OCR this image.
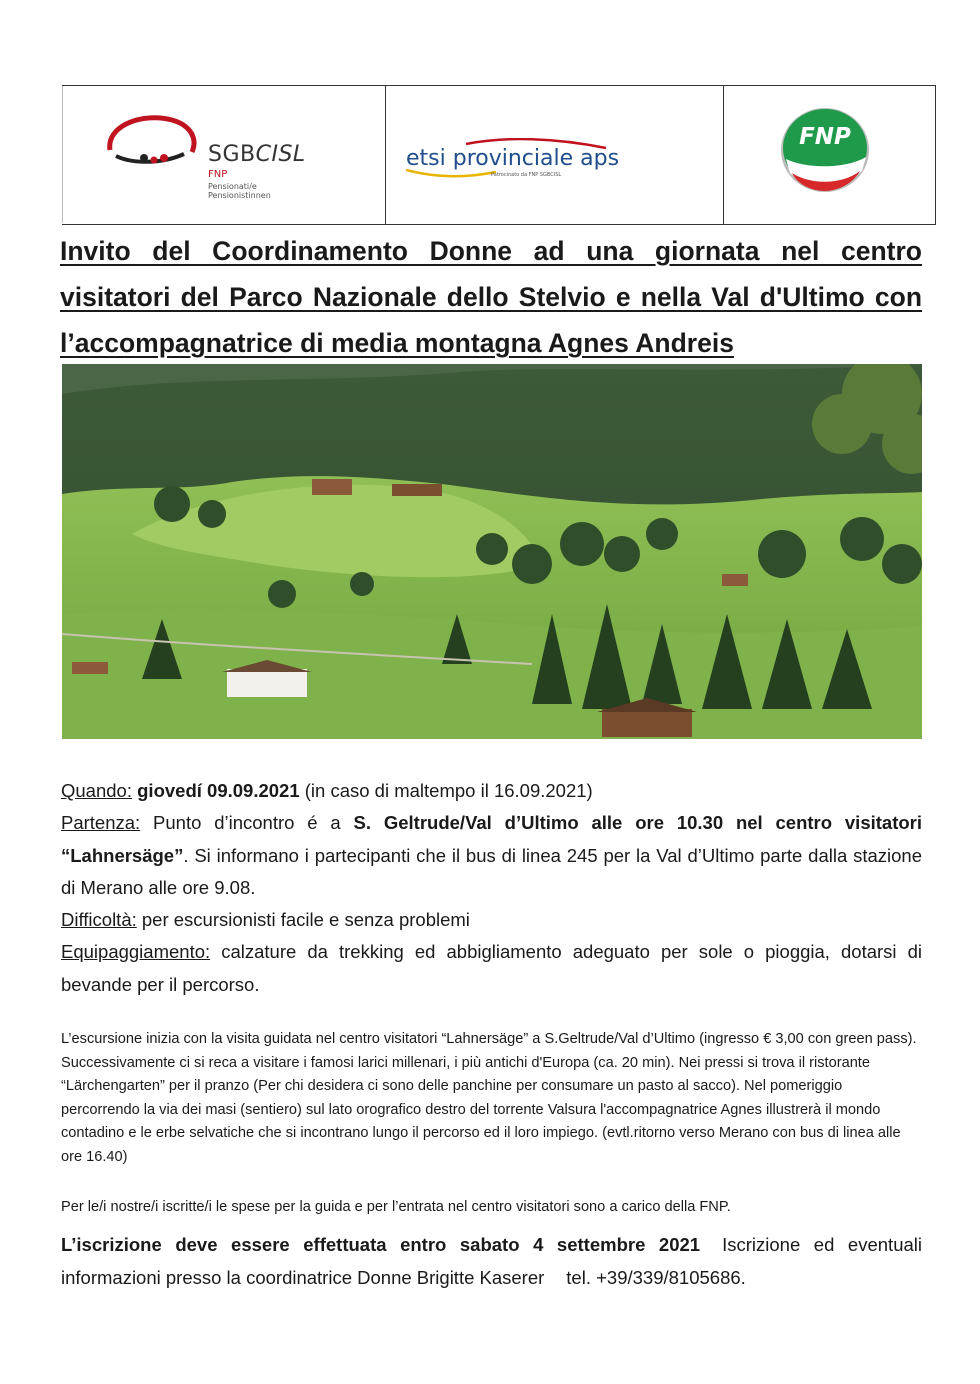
SGBCISL
FNP
Pensionati/e
Pensionistinnen
etsi provinciale aps
Patrocinato da FNP SGBCISL
FNP
Invito del Coordinamento Donne ad una giornata nel centro visitatori del Parco Nazionale dello Stelvio e nella Val d'Ultimo con l’accompagnatrice di media montagna Agnes Andreis

Quando: giovedí 09.09.2021 (in caso di maltempo il 16.09.2021)

Partenza: Punto d’incontro é a S. Geltrude/Val d’Ultimo alle ore 10.30 nel centro visitatori “Lahnersäge”. Si informano i partecipanti che il bus di linea 245 per la Val d’Ultimo parte dalla stazione di Merano alle ore 9.08.

Difficoltà: per escursionisti facile e senza problemi

Equipaggiamento: calzature da trekking ed abbigliamento adeguato per sole o pioggia, dotarsi di bevande per il percorso.

L’escursione inizia con la visita guidata nel centro visitatori “Lahnersäge” a S.Geltrude/Val d’Ultimo (ingresso € 3,00 con green pass). Successivamente ci si reca a visitare i famosi larici millenari, i più antichi d'Europa (ca. 20 min). Nei pressi si trova il ristorante “Lärchengarten” per il pranzo (Per chi desidera ci sono delle panchine per consumare un pasto al sacco). Nel pomeriggio percorrendo la via dei masi (sentiero) sul lato orografico destro del torrente Valsura l'accompagnatrice Agnes illustrerà il mondo contadino e le erbe selvatiche che si incontrano lungo il percorso ed il loro impiego. (evtl.ritorno verso Merano con bus di linea alle ore 16.40)

Per le/i nostre/i iscritte/i le spese per la guida e per l’entrata nel centro visitatori sono a carico della FNP.

L’iscrizione deve essere effettuata entro sabato 4 settembre 2021 Iscrizione ed eventuali informazioni presso la coordinatrice Donne Brigitte Kaserer tel. +39/339/8105686.
